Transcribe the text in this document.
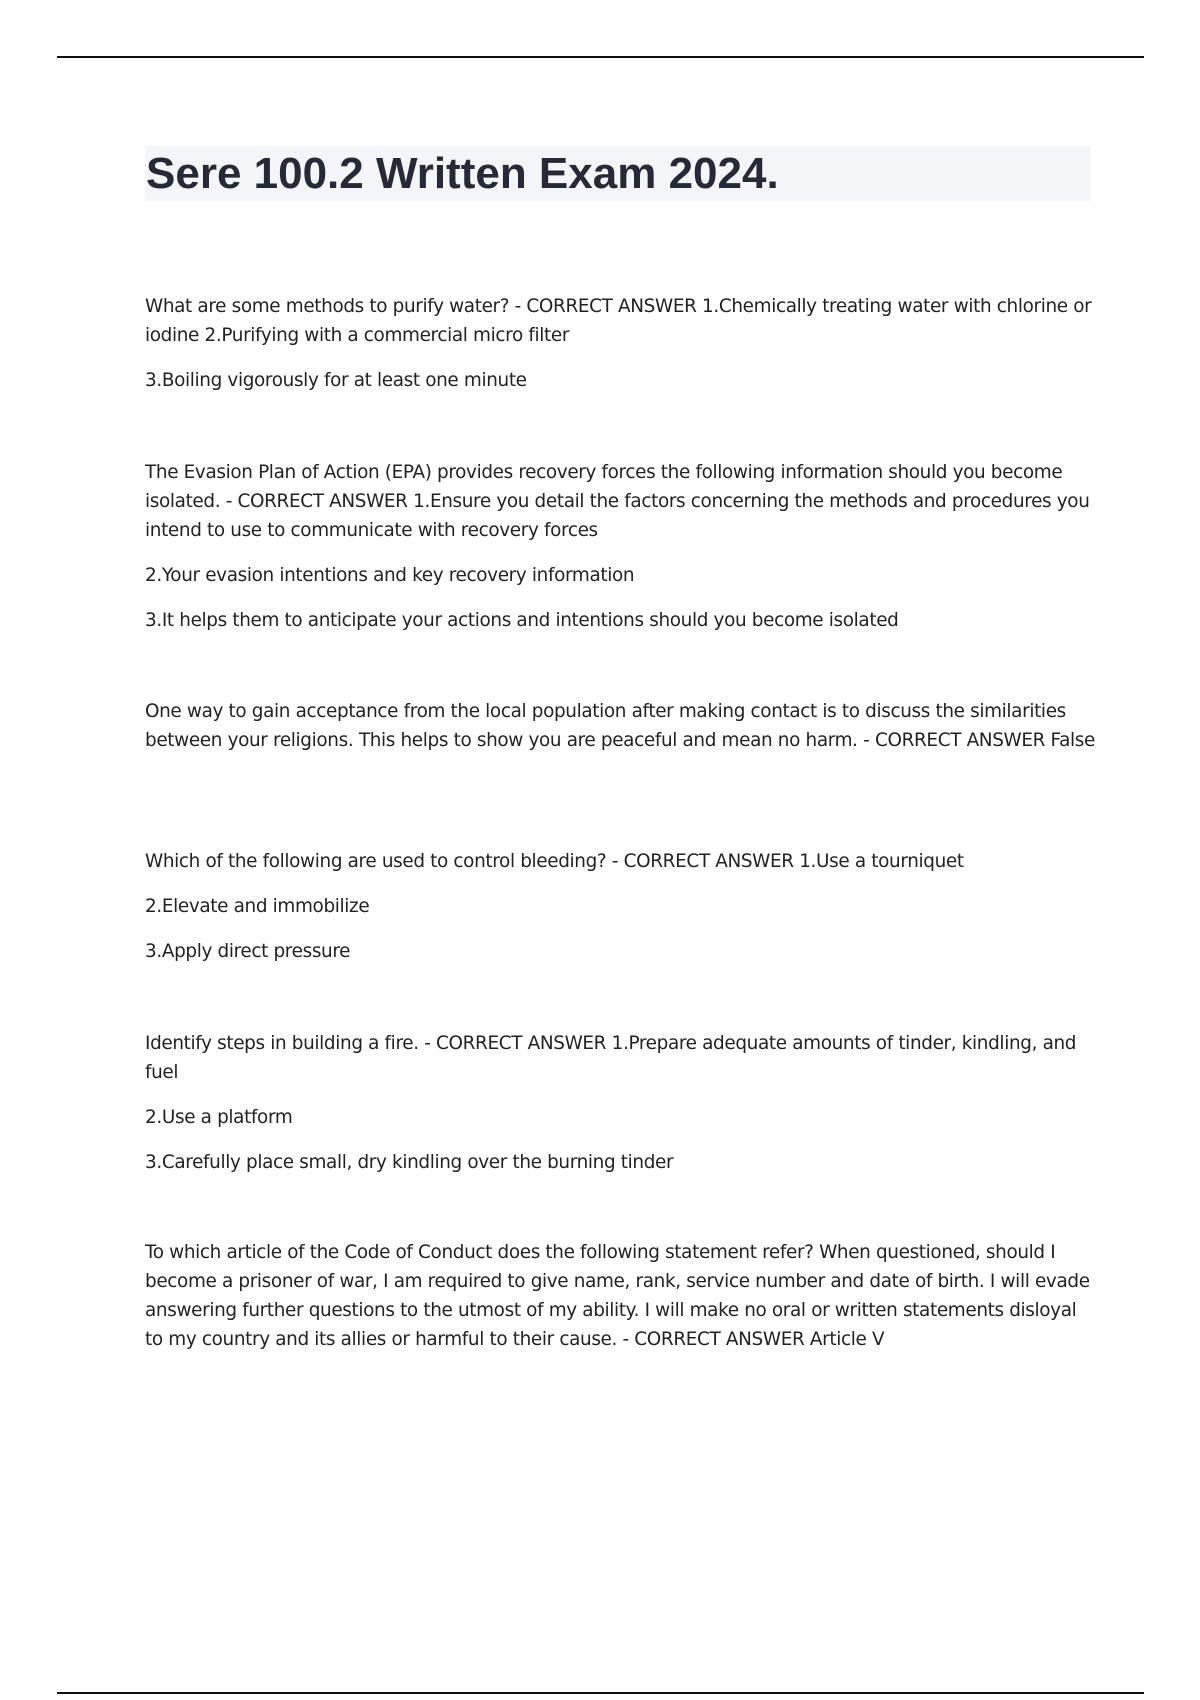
Sere 100.2 Written Exam 2024.

What are some methods to purify water? - CORRECT ANSWER 1.Chemically treating water with chlorine or iodine 2.Purifying with a commercial micro filter

3.Boiling vigorously for at least one minute

The Evasion Plan of Action (EPA) provides recovery forces the following information should you become isolated. - CORRECT ANSWER 1.Ensure you detail the factors concerning the methods and procedures you intend to use to communicate with recovery forces

2.Your evasion intentions and key recovery information

3.It helps them to anticipate your actions and intentions should you become isolated

One way to gain acceptance from the local population after making contact is to discuss the similarities between your religions. This helps to show you are peaceful and mean no harm. - CORRECT ANSWER False

Which of the following are used to control bleeding? - CORRECT ANSWER 1.Use a tourniquet

2.Elevate and immobilize

3.Apply direct pressure

Identify steps in building a fire. - CORRECT ANSWER 1.Prepare adequate amounts of tinder, kindling, and fuel

2.Use a platform

3.Carefully place small, dry kindling over the burning tinder

To which article of the Code of Conduct does the following statement refer? When questioned, should I become a prisoner of war, I am required to give name, rank, service number and date of birth. I will evade answering further questions to the utmost of my ability. I will make no oral or written statements disloyal to my country and its allies or harmful to their cause. - CORRECT ANSWER Article V
